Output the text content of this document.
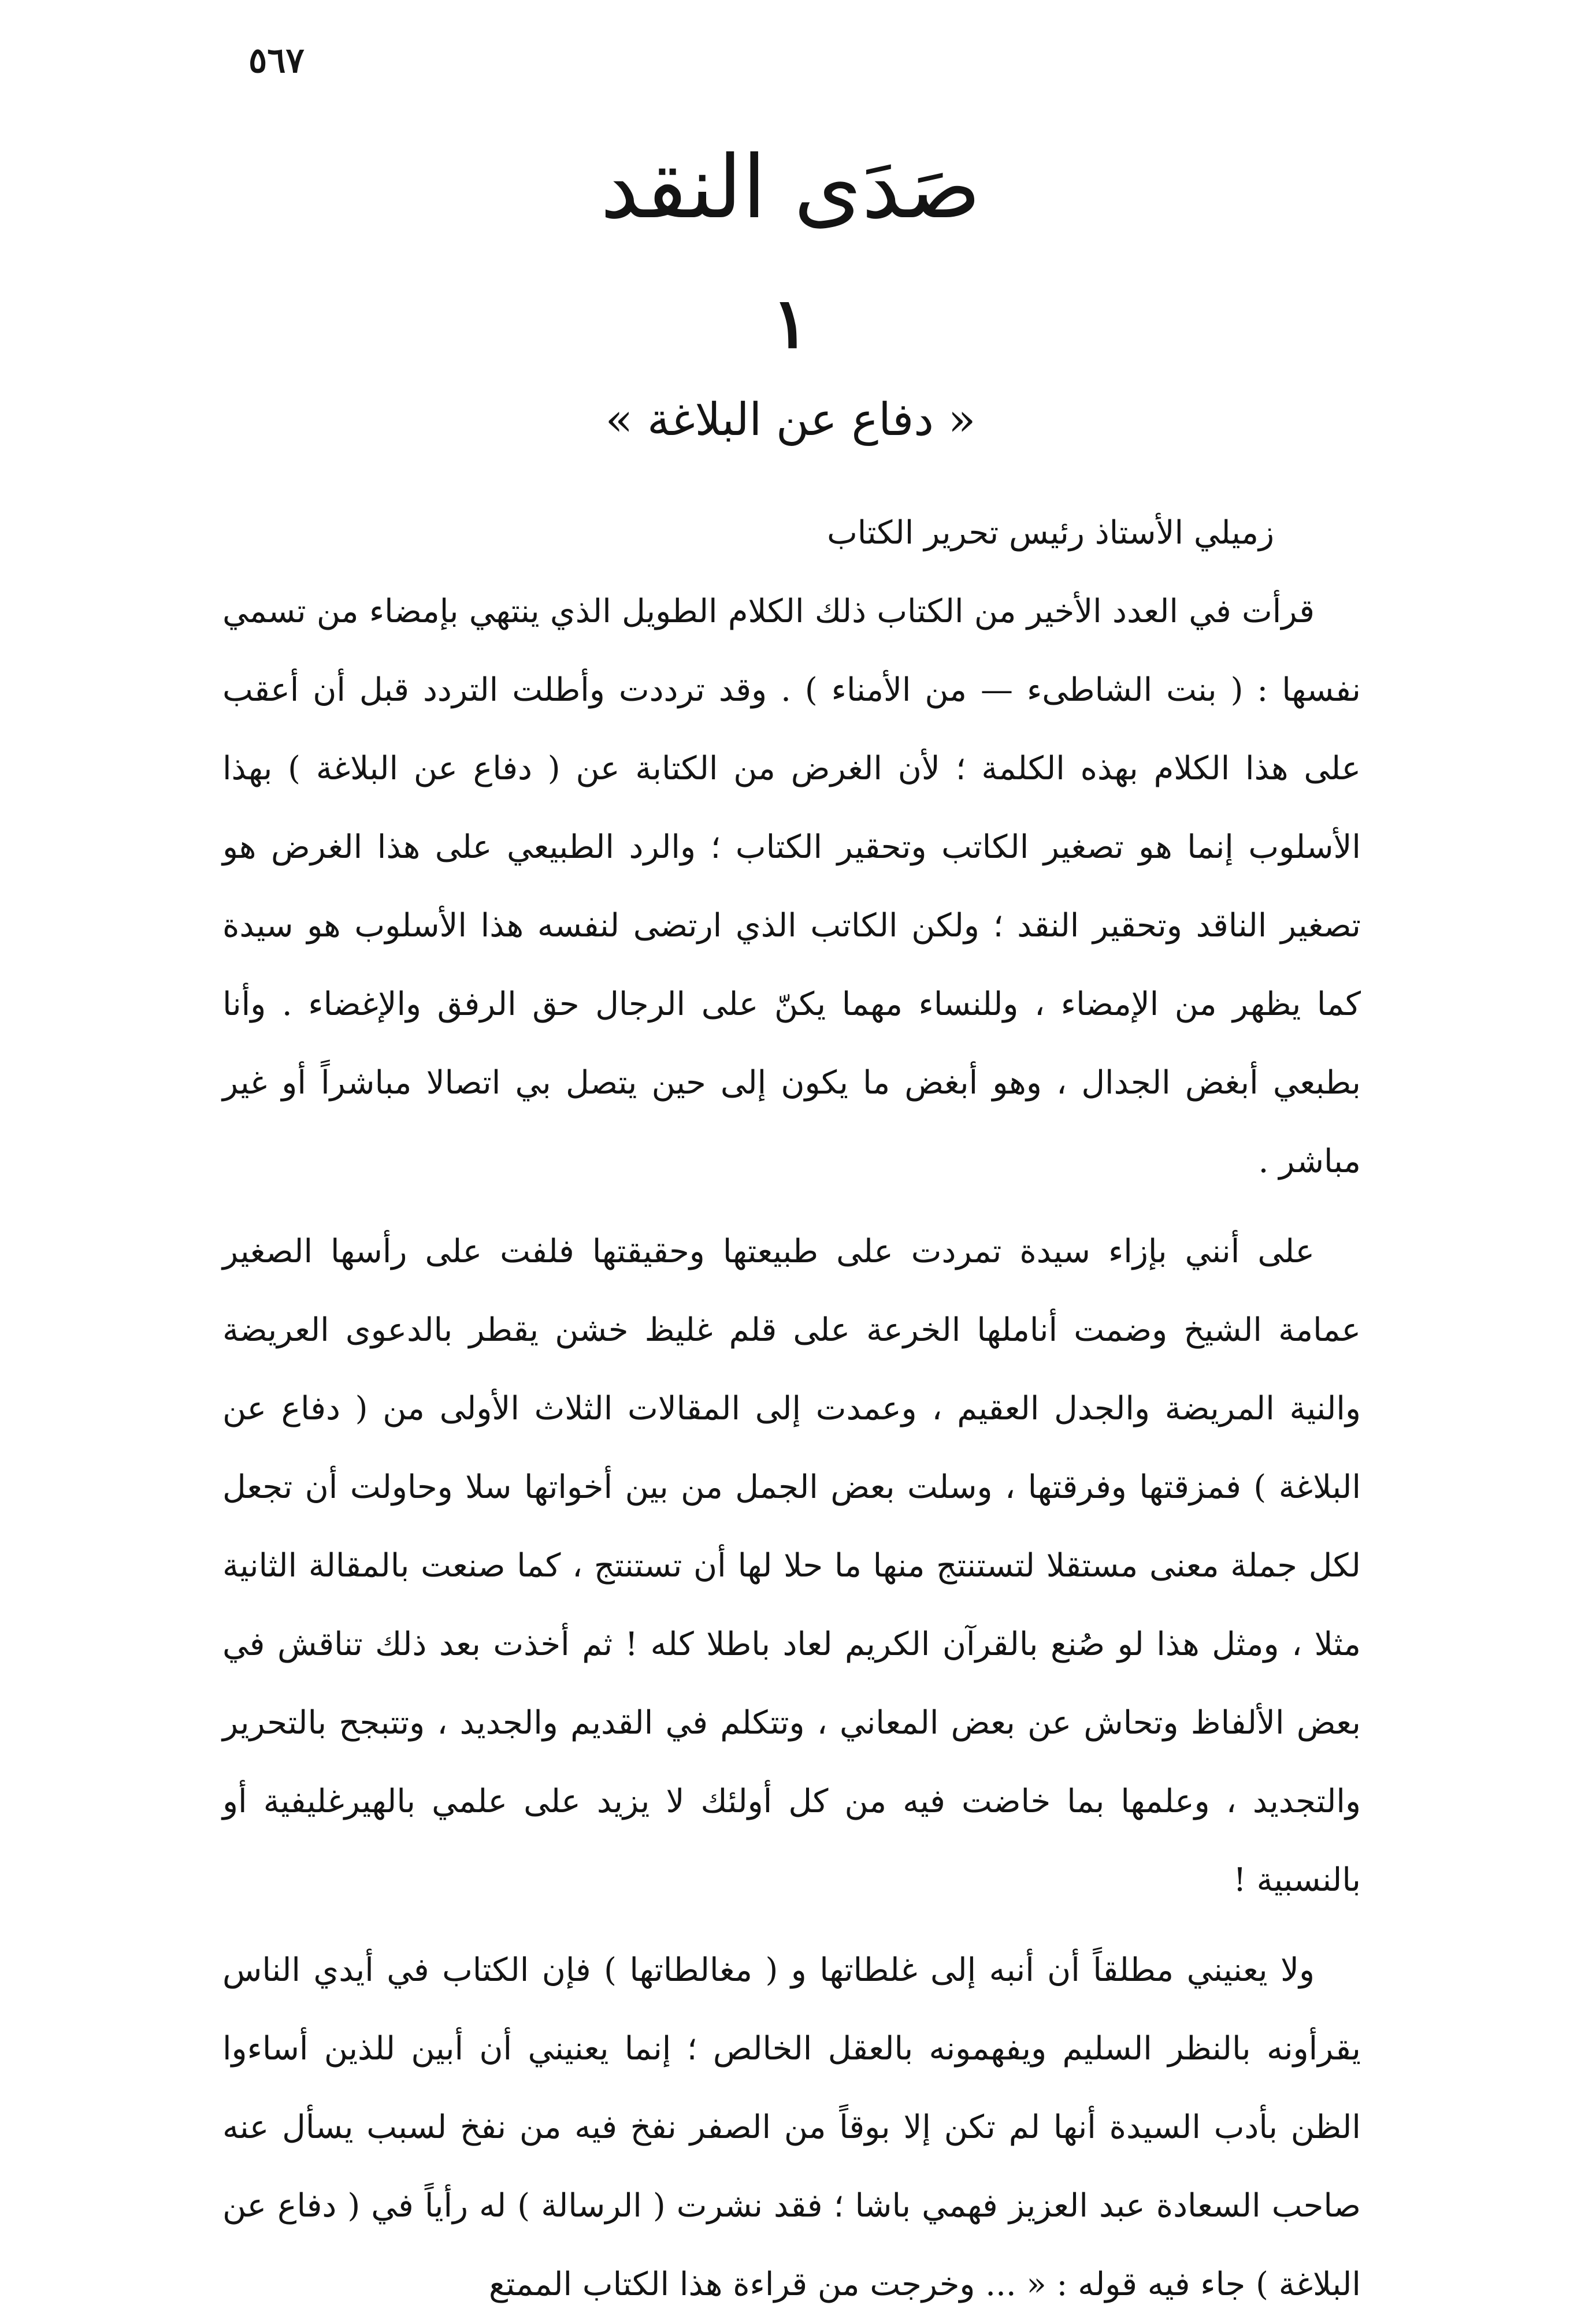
٥٦٧
صَدَى النقد
١
« دفاع عن البلاغة »

زميلي الأستاذ رئيس تحرير الكتاب

قرأت في العدد الأخير من الكتاب ذلك الكلام الطويل الذي ينتهي بإمضاء من تسمي نفسها : ( بنت الشاطىء — من الأمناء ) . وقد ترددت وأطلت التردد قبل أن أعقب على هذا الكلام بهذه الكلمة ؛ لأن الغرض من الكتابة عن ( دفاع عن البلاغة ) بهذا الأسلوب إنما هو تصغير الكاتب وتحقير الكتاب ؛ والرد الطبيعي على هذا الغرض هو تصغير الناقد وتحقير النقد ؛ ولكن الكاتب الذي ارتضى لنفسه هذا الأسلوب هو سيدة كما يظهر من الإمضاء ، وللنساء مهما يكنّ على الرجال حق الرفق والإغضاء . وأنا بطبعي أبغض الجدال ، وهو أبغض ما يكون إلى حين يتصل بي اتصالا مباشراً أو غير مباشر .

على أنني بإزاء سيدة تمردت على طبيعتها وحقيقتها فلفت على رأسها الصغير عمامة الشيخ وضمت أناملها الخرعة على قلم غليظ خشن يقطر بالدعوى العريضة والنية المريضة والجدل العقيم ، وعمدت إلى المقالات الثلاث الأولى من ( دفاع عن البلاغة ) فمزقتها وفرقتها ، وسلت بعض الجمل من بين أخواتها سلا وحاولت أن تجعل لكل جملة معنى مستقلا لتستنتج منها ما حلا لها أن تستنتج ، كما صنعت بالمقالة الثانية مثلا ، ومثل هذا لو صُنع بالقرآن الكريم لعاد باطلا كله ! ثم أخذت بعد ذلك تناقش في بعض الألفاظ وتحاش عن بعض المعاني ، وتتكلم في القديم والجديد ، وتتبجح بالتحرير والتجديد ، وعلمها بما خاضت فيه من كل أولئك لا يزيد على علمي بالهيرغليفية أو بالنسبية !

ولا يعنيني مطلقاً أن أنبه إلى غلطاتها و ( مغالطاتها ) فإن الكتاب في أيدي الناس يقرأونه بالنظر السليم ويفهمونه بالعقل الخالص ؛ إنما يعنيني أن أبين للذين أساءوا الظن بأدب السيدة أنها لم تكن إلا بوقاً من الصفر نفخ فيه من نفخ لسبب يسأل عنه صاحب السعادة عبد العزيز فهمي باشا ؛ فقد نشرت ( الرسالة ) له رأياً في ( دفاع عن البلاغة ) جاء فيه قوله : « ... وخرجت من قراءة هذا الكتاب الممتع
